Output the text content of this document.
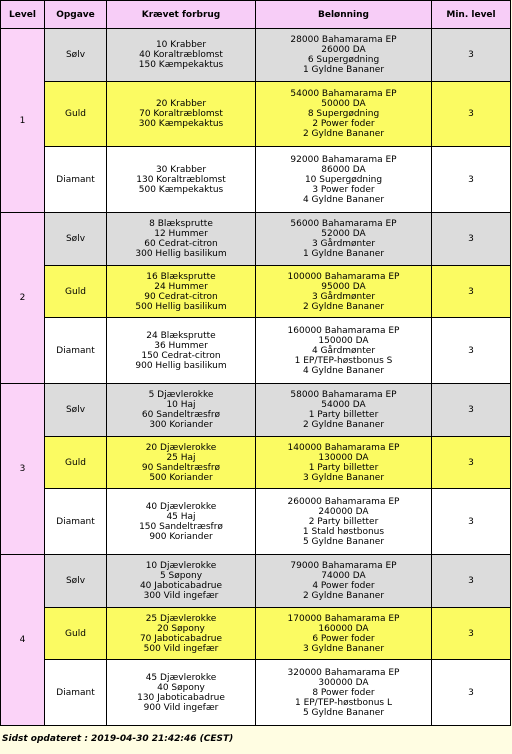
Level	Opgave	Krævet forbrug	Belønning	Min. level
1	Sølv	10 Krabber
40 Koraltræblomst
150 Kæmpekaktus	28000 Bahamarama EP
26000 DA
6 Supergødning
1 Gyldne Bananer	3
	Guld	20 Krabber
70 Koraltræblomst
300 Kæmpekaktus	54000 Bahamarama EP
50000 DA
8 Supergødning
2 Power foder
2 Gyldne Bananer	3
	Diamant	30 Krabber
130 Koraltræblomst
500 Kæmpekaktus	92000 Bahamarama EP
86000 DA
10 Supergødning
3 Power foder
4 Gyldne Bananer	3
2	Sølv	8 Blæksprutte
12 Hummer
60 Cedrat-citron
300 Hellig basilikum	56000 Bahamarama EP
52000 DA
3 Gårdmønter
1 Gyldne Bananer	3
	Guld	16 Blæksprutte
24 Hummer
90 Cedrat-citron
500 Hellig basilikum	100000 Bahamarama EP
95000 DA
3 Gårdmønter
2 Gyldne Bananer	3
	Diamant	24 Blæksprutte
36 Hummer
150 Cedrat-citron
900 Hellig basilikum	160000 Bahamarama EP
150000 DA
4 Gårdmønter
1 EP/TEP-høstbonus S
4 Gyldne Bananer	3
3	Sølv	5 Djævlerokke
10 Haj
60 Sandeltræsfrø
300 Koriander	58000 Bahamarama EP
54000 DA
1 Party billetter
2 Gyldne Bananer	3
	Guld	20 Djævlerokke
25 Haj
90 Sandeltræsfrø
500 Koriander	140000 Bahamarama EP
130000 DA
1 Party billetter
3 Gyldne Bananer	3
	Diamant	40 Djævlerokke
45 Haj
150 Sandeltræsfrø
900 Koriander	260000 Bahamarama EP
240000 DA
2 Party billetter
1 Stald høstbonus
5 Gyldne Bananer	3
4	Sølv	10 Djævlerokke
5 Søpony
40 Jaboticabadrue
300 Vild ingefær	79000 Bahamarama EP
74000 DA
4 Power foder
2 Gyldne Bananer	3
	Guld	25 Djævlerokke
20 Søpony
70 Jaboticabadrue
500 Vild ingefær	170000 Bahamarama EP
160000 DA
6 Power foder
3 Gyldne Bananer	3
	Diamant	45 Djævlerokke
40 Søpony
130 Jaboticabadrue
900 Vild ingefær	320000 Bahamarama EP
300000 DA
8 Power foder
1 EP/TEP-høstbonus L
5 Gyldne Bananer	3
Sidst opdateret : 2019-04-30 21:42:46 (CEST)
